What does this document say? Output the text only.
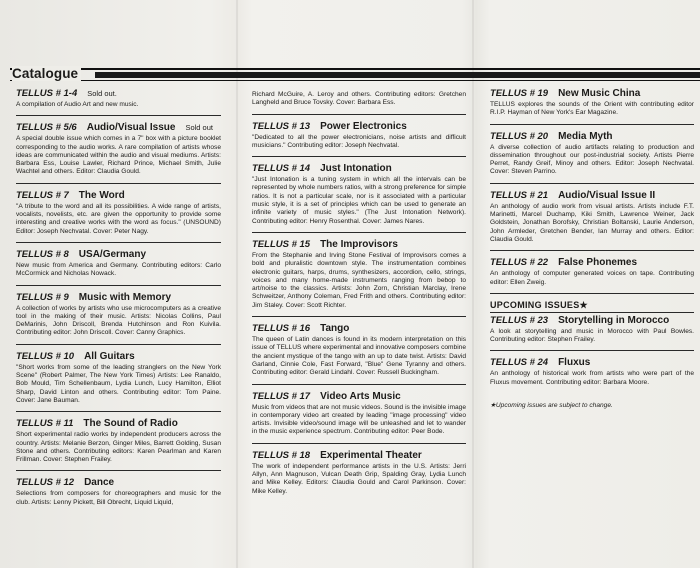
Catalogue
TELLUS # 1-4 Sold out.
A compilation of Audio Art and new music.
TELLUS # 5/6 Audio/Visual Issue Sold out
A special double issue which comes in a 7" box with a picture booklet corresponding to the audio works. A rare compilation of artists whose ideas are communicated within the audio and visual mediums. Artists: Barbara Ess, Louise Lawler, Richard Prince, Michael Smith, Julie Wachtel and others. Editor: Claudia Gould.
TELLUS # 7 The Word
"A tribute to the word and all its possibilities. A wide range of artists, vocalists, novelists, etc. are given the opportunity to provide some interesting and creative works with the word as focus." (UNSOUND) Editor: Joseph Nechvatal. Cover: Peter Nagy.
TELLUS # 8 USA/Germany
New music from America and Germany. Contributing editors: Carlo McCormick and Nicholas Nowack.
TELLUS # 9 Music with Memory
A collection of works by artists who use microcomputers as a creative tool in the making of their music. Artists: Nicolas Collins, Paul DeMarinis, John Driscoll, Brenda Hutchinson and Ron Kuivila. Contributing editor: John Driscoll. Cover: Canny Graphics.
TELLUS # 10 All Guitars
"Short works from some of the leading stranglers on the New York Scene" (Robert Palmer, The New York Times) Artists: Lee Ranaldo, Bob Mould, Tim Schellenbaum, Lydia Lunch, Lucy Hamilton, Elliot Sharp, David Linton and others. Contributing editor: Tom Paine. Cover: Jane Bauman.
TELLUS # 11 The Sound of Radio
Short experimental radio works by independent producers across the country. Artists: Melanie Berzon, Ginger Miles, Barrett Golding, Susan Stone and others. Contributing editors: Karen Pearlman and Karen Frillman. Cover: Stephen Frailey.
TELLUS # 12 Dance
Selections from composers for choreographers and music for the club. Artists: Lenny Pickett, Bill Obrecht, Liquid Liquid,
Richard McGuire, A. Leroy and others. Contributing editors: Gretchen Langheld and Bruce Tovsky. Cover: Barbara Ess.
TELLUS # 13 Power Electronics
"Dedicated to all the power electronicians, noise artists and difficult musicians." Contributing editor: Joseph Nechvatal.
TELLUS # 14 Just Intonation
"Just Intonation is a tuning system in which all the intervals can be represented by whole numbers ratios, with a strong preference for simple ratios. It is not a particular scale, nor is it associated with a particular music style, it is a set of principles which can be used to generate an infinite variety of music styles." (The Just Intonation Network). Contributing editor: Henry Rosenthal. Cover: James Nares.
TELLUS # 15 The Improvisors
From the Stephanie and Irving Stone Festival of Improvisors comes a bold and pluralistic downtown style. The instrumentation combines electronic guitars, harps, drums, synthesizers, accordion, cello, strings, voices and many home-made instruments ranging from bebop to art/noise to the classics. Artists: John Zorn, Christian Marclay, Irene Schweitzer, Anthony Coleman, Fred Frith and others. Contributing editor: Jim Staley. Cover: Scott Richter.
TELLUS # 16 Tango
The queen of Latin dances is found in its modern interpretation on this issue of TELLUS where experimental and innovative composers combine the ancient mystique of the tango with an up to date twist. Artists: David Garland, Cinnie Cole, Fast Forward, "Blue" Gene Tyranny and others. Contributing editor: Gerald Lindahl. Cover: Russell Buckingham.
TELLUS # 17 Video Arts Music
Music from videos that are not music videos. Sound is the invisible image in contemporary video art created by leading "image processing" video artists. Invisible video/sound image will be unleashed and let to wander in the music experience spectrum. Contributing editor: Peer Bode.
TELLUS # 18 Experimental Theater
The work of independent performance artists in the U.S. Artists: Jerri Allyn, Ann Magnuson, Vulcan Death Grip, Spalding Gray, Lydia Lunch and Mike Kelley. Editors: Claudia Gould and Carol Parkinson. Cover: Mike Kelley.
TELLUS # 19 New Music China
TELLUS explores the sounds of the Orient with contributing editor R.I.P. Hayman of New York's Ear Magazine.
TELLUS # 20 Media Myth
A diverse collection of audio artifacts relating to production and dissemination throughout our post-industrial society. Artists Pierre Perret, Randy Greif, Minoy and others. Editor: Joseph Nechvatal. Cover: Steven Parrino.
TELLUS # 21 Audio/Visual Issue II
An anthology of audio work from visual artists. Artists include F.T. Marinetti, Marcel Duchamp, Kiki Smith, Lawrence Weiner, Jack Goldstein, Jonathan Borofsky, Christian Boltanski, Laurie Anderson, John Armleder, Gretchen Bender, Ian Murray and others. Editor: Claudia Gould.
TELLUS # 22 False Phonemes
An anthology of computer generated voices on tape. Contributing editor: Ellen Zweig.
UPCOMING ISSUES★
TELLUS # 23 Storytelling in Morocco
A look at storytelling and music in Morocco with Paul Bowles. Contributing editor: Stephen Frailey.
TELLUS # 24 Fluxus
An anthology of historical work from artists who were part of the Fluxus movement. Contributing editor: Barbara Moore.
★Upcoming issues are subject to change.
